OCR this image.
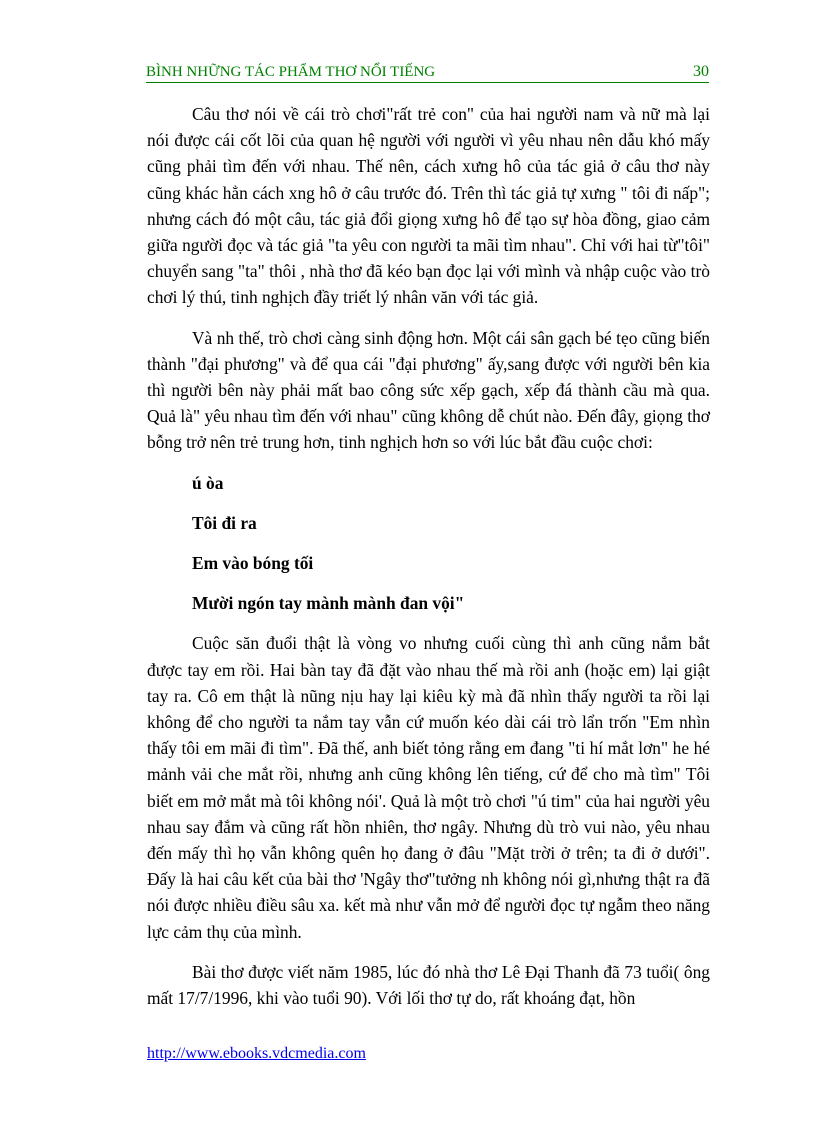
BÌNH NHỮNG TÁC PHẨM THƠ NỔI TIẾNG	30

Câu thơ nói về cái trò chơi"rất trẻ con" của hai người nam và nữ mà lại nói được cái cốt lõi của quan hệ người với người vì yêu nhau nên dẫu khó mấy cũng phải tìm đến với nhau. Thế nên, cách xưng hô của tác giả ở câu thơ này cũng khác hẳn cách xng hô ở câu trước đó. Trên thì tác giả tự xưng " tôi đi nấp"; nhưng cách đó một câu, tác giả đổi giọng xưng hô để tạo sự hòa đồng, giao cảm giữa người đọc và tác giả "ta yêu con người ta mãi tìm nhau". Chỉ với hai từ"tôi" chuyển sang "ta" thôi , nhà thơ đã kéo bạn đọc lại với mình và nhập cuộc vào trò chơi lý thú, tinh nghịch đầy triết lý nhân văn với tác giả.

Và nh thế, trò chơi càng sinh động hơn. Một cái sân gạch bé tẹo cũng biến thành "đại phương" và để qua cái "đại phương" ấy,sang được với người bên kia thì người bên này phải mất bao công sức xếp gạch, xếp đá thành cầu mà qua. Quả là" yêu nhau tìm đến với nhau" cũng không dễ chút nào. Đến đây, giọng thơ bỗng trở nên trẻ trung hơn, tinh nghịch hơn so với lúc bắt đầu cuộc chơi:

ú òa

Tôi đi ra

Em vào bóng tối

Mười ngón tay mành mành đan vội"

Cuộc săn đuổi thật là vòng vo nhưng cuối cùng thì anh cũng nắm bắt được tay em rồi. Hai bàn tay đã đặt vào nhau thế mà rồi anh (hoặc em) lại giật tay ra. Cô em thật là nũng nịu hay lại kiêu kỳ mà đã nhìn thấy người ta rồi lại không để cho người ta nắm tay vẫn cứ muốn kéo dài cái trò lẩn trốn "Em nhìn thấy tôi em mãi đi tìm". Đã thế, anh biết tỏng rằng em đang "ti hí mắt lơn" he hé mảnh vải che mắt rồi, nhưng anh cũng không lên tiếng, cứ để cho mà tìm" Tôi biết em mở mắt mà tôi không nói'. Quả là một trò chơi "ú tim" của hai người yêu nhau say đắm và cũng rất hồn nhiên, thơ ngây. Nhưng dù trò vui nào, yêu nhau đến mấy thì họ vẫn không quên họ đang ở đâu "Mặt trời ở trên; ta đi ở dưới". Đấy là hai câu kết của bài thơ 'Ngây thơ"tưởng nh không nói gì,nhưng thật ra đã nói được nhiều điều sâu xa. kết mà như vẫn mở để người đọc tự ngẫm theo năng lực cảm thụ của mình.

Bài thơ được viết năm 1985, lúc đó nhà thơ Lê Đại Thanh đã 73 tuổi( ông mất 17/7/1996, khi vào tuổi 90). Với lối thơ tự do, rất khoáng đạt, hồn

http://www.ebooks.vdcmedia.com
